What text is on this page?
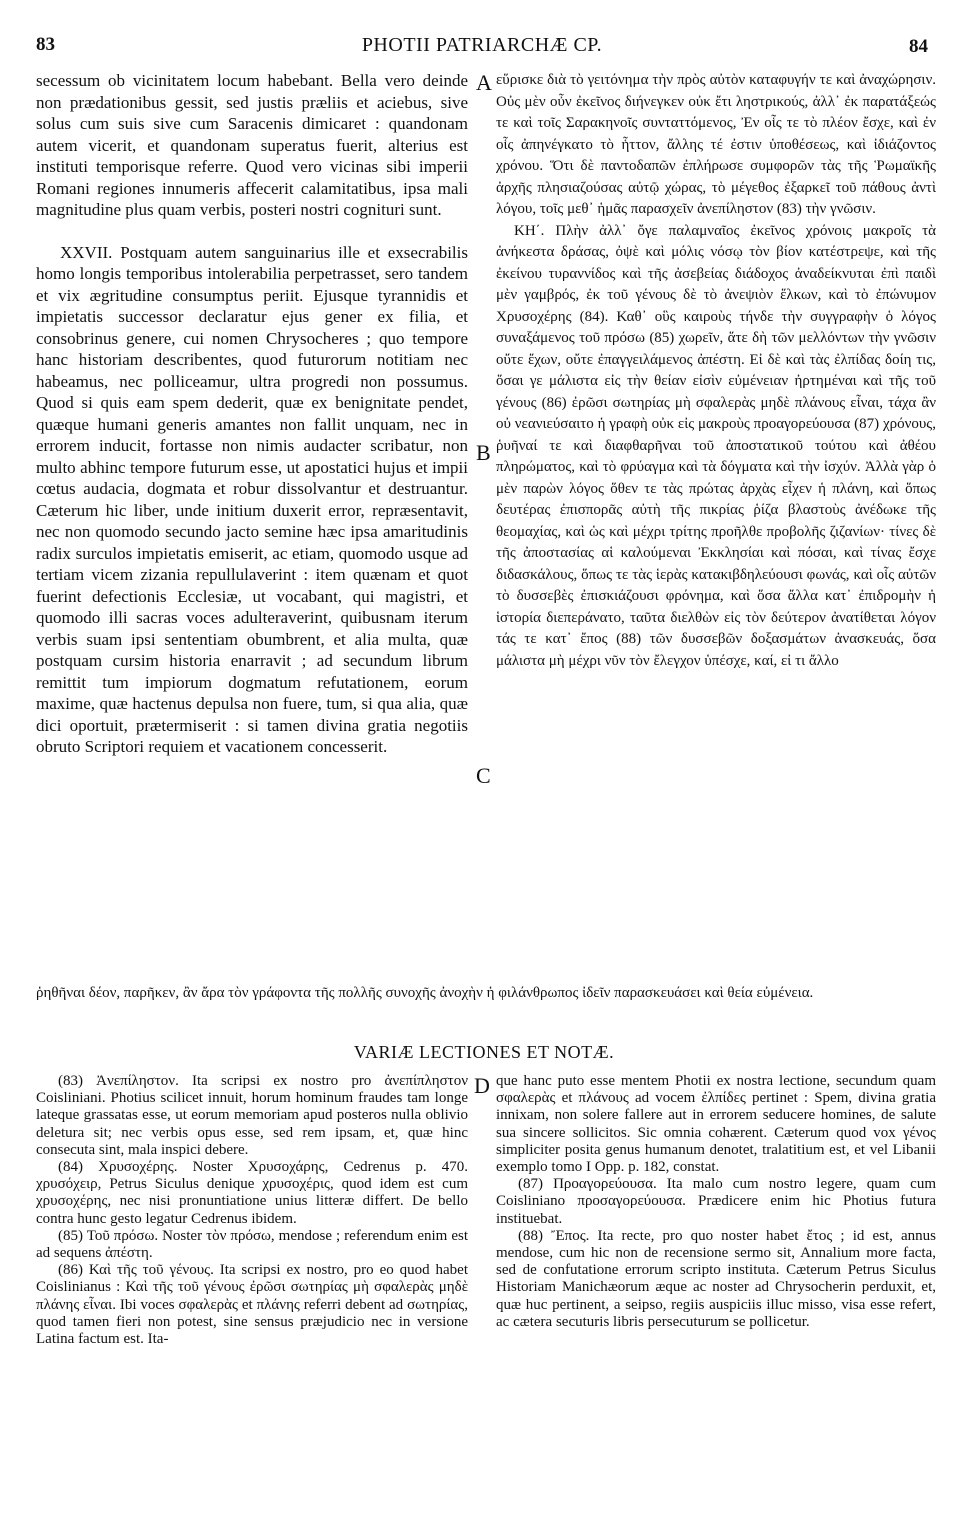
83	PHOTII PATRIARCHÆ CP.	84
A
B
C
D

secessum ob vicinitatem locum habebant. Bella vero deinde non prædationibus gessit, sed justis præliis et aciebus, sive solus cum suis sive cum Saracenis dimicaret : quandonam autem vicerit, et quandonam superatus fuerit, alterius est instituti temporisque referre. Quod vero vicinas sibi imperii Romani regiones innumeris affecerit calamitatibus, ipsa mali magnitudine plus quam verbis, posteri nostri cognituri sunt.

XXVII. Postquam autem sanguinarius ille et exsecrabilis homo longis temporibus intolerabilia perpetrasset, sero tandem et vix ægritudine consumptus periit. Ejusque tyrannidis et impietatis successor declaratur ejus gener ex filia, et consobrinus genere, cui nomen Chrysocheres ; quo tempore hanc historiam describentes, quod futurorum notitiam nec habeamus, nec polliceamur, ultra progredi non possumus. Quod si quis eam spem dederit, quæ ex benignitate pendet, quæque humani generis amantes non fallit unquam, nec in errorem inducit, fortasse non nimis audacter scribatur, non multo abhinc tempore futurum esse, ut apostatici hujus et impii cœtus audacia, dogmata et robur dissolvantur et destruantur. Cæterum hic liber, unde initium duxerit error, repræsentavit, nec non quomodo secundo jacto semine hæc ipsa amaritudinis radix surculos impietatis emiserit, ac etiam, quomodo usque ad tertiam vicem zizania repullulaverint : item quænam et quot fuerint defectionis Ecclesiæ, ut vocabant, qui magistri, et quomodo illi sacras voces adulteraverint, quibusnam iterum verbis suam ipsi sententiam obumbrent, et alia multa, quæ postquam cursim historia enarravit ; ad secundum librum remittit tum impiorum dogmatum refutationem, eorum maxime, quæ hactenus depulsa non fuere, tum, si qua alia, quæ dici oportuit, prætermiserit : si tamen divina gratia negotiis obruto Scriptori requiem et vacationem concesserit.

εὕρισκε διὰ τὸ γειτόνημα τὴν πρὸς αὐτὸν καταφυγήν τε καὶ ἀναχώρησιν. Οὐς μὲν οὖν ἐκεῖνος διήνεγκεν οὐκ ἔτι ληστρικούς, ἀλλ᾽ ἐκ παρατάξεώς τε καὶ τοῖς Σαρακηνοῖς συνταττόμενος, Ἐν οἷς τε τὸ πλέον ἔσχε, καὶ ἐν οἷς ἀπηνέγκατο τὸ ἧττον, ἄλλης τέ ἐστιν ὑποθέσεως, καὶ ἰδιάζοντος χρόνου. Ὅτι δὲ παντοδαπῶν ἐπλήρωσε συμφορῶν τὰς τῆς Ῥωμαϊκῆς ἀρχῆς πλησιαζούσας αὐτῷ χώρας, τὸ μέγεθος ἐξαρκεῖ τοῦ πάθους ἀντὶ λόγου, τοῖς μεθ᾽ ἡμᾶς παρασχεῖν ἀνεπίληστον (83) τὴν γνῶσιν.

ΚΗ΄. Πλὴν ἀλλ᾽ ὄγε παλαμναῖος ἐκεῖνος χρόνοις μακροῖς τὰ ἀνήκεστα δράσας, ὀψὲ καὶ μόλις νόσῳ τὸν βίον κατέστρεψε, καὶ τῆς ἐκείνου τυραννίδος καὶ τῆς ἀσεβείας διάδοχος ἀναδείκνυται ἐπὶ παιδὶ μὲν γαμβρός, ἐκ τοῦ γένους δὲ τὸ ἀνεψιὸν ἕλκων, καὶ τὸ ἐπώνυμον Χρυσοχέρης (84). Καθ᾽ οὓς καιροὺς τήνδε τὴν συγγραφὴν ὁ λόγος συναξάμενος τοῦ πρόσω (85) χωρεῖν, ἅτε δὴ τῶν μελλόντων τὴν γνῶσιν οὔτε ἔχων, οὔτε ἐπαγγειλάμενος ἀπέστη. Εἰ δὲ καὶ τὰς ἐλπίδας δοίη τις, ὅσαι γε μάλιστα εἰς τὴν θείαν εἰσὶν εὐμένειαν ἠρτημέναι καὶ τῆς τοῦ γένους (86) ἐρῶσι σωτηρίας μὴ σφαλερὰς μηδὲ πλάνους εἶναι, τάχα ἂν οὐ νεανιεύσαιτο ἡ γραφὴ οὐκ εἰς μακροὺς προαγορεύουσα (87) χρόνους, ῥυῆναί τε καὶ διαφθαρῆναι τοῦ ἀποστατικοῦ τούτου καὶ ἀθέου πληρώματος, καὶ τὸ φρύαγμα καὶ τὰ δόγματα καὶ τὴν ἰσχύν. Ἀλλὰ γὰρ ὁ μὲν παρὼν λόγος ὅθεν τε τὰς πρώτας ἀρχὰς εἶχεν ἡ πλάνη, καὶ ὅπως δευτέρας ἐπισπορᾶς αὐτὴ τῆς πικρίας ῥίζα βλαστοὺς ἀνέδωκε τῆς θεομαχίας, καὶ ὡς καὶ μέχρι τρίτης προῆλθε προβολῆς ζιζανίων· τίνες δὲ τῆς ἀποστασίας αἱ καλούμεναι Ἐκκλησίαι καὶ πόσαι, καὶ τίνας ἔσχε διδασκάλους, ὅπως τε τὰς ἱερὰς κατακιβδηλεύουσι φωνάς, καὶ οἷς αὐτῶν τὸ δυσσεβὲς ἐπισκιάζουσι φρόνημα, καὶ ὅσα ἄλλα κατ᾽ ἐπιδρομὴν ἡ ἱστορία διεπεράνατο, ταῦτα διελθὼν εἰς τὸν δεύτερον ἀνατίθεται λόγον τάς τε κατ᾽ ἔπος (88) τῶν δυσσεβῶν δοξασμάτων ἀνασκευάς, ὅσα μάλιστα μὴ μέχρι νῦν τὸν ἔλεγχον ὑπέσχε, καί, εἰ τι ἄλλο

ῥηθῆναι δέον, παρῆκεν, ἂν ἄρα τὸν γράφοντα τῆς πολλῆς συνοχῆς ἀνοχὴν ἡ φιλάνθρωπος ἰδεῖν παρασκευάσει καὶ θεία εὐμένεια.

VARIÆ LECTIONES ET NOTÆ.

(83) Ἀνεπίληστον. Ita scripsi ex nostro pro ἀνεπίπληστον Coisliniani. Photius scilicet innuit, horum hominum fraudes tam longe lateque grassatas esse, ut eorum memoriam apud posteros nulla oblivio deletura sit; nec verbis opus esse, sed rem ipsam, et, quæ hinc consecuta sint, mala inspici debere.

(84) Χρυσοχέρης. Noster Χρυσοχάρης, Cedrenus p. 470. χρυσόχειρ, Petrus Siculus denique χρυσοχέρις, quod idem est cum χρυσοχέρης, nec nisi pronuntiatione unius litteræ differt. De bello contra hunc gesto legatur Cedrenus ibidem.

(85) Τοῦ πρόσω. Noster τὸν πρόσω, mendose ; referendum enim est ad sequens ἀπέστη.

(86) Καὶ τῆς τοῦ γένους. Ita scripsi ex nostro, pro eo quod habet Coislinianus : Καὶ τῆς τοῦ γένους ἐρῶσι σωτηρίας μὴ σφαλερὰς μηδὲ πλάνης εἶναι. Ibi voces σφαλερὰς et πλάνης referri debent ad σωτηρίας, quod tamen fieri non potest, sine sensus præjudicio nec in versione Latina factum est. Ita-

que hanc puto esse mentem Photii ex nostra lectione, secundum quam σφαλερὰς et πλάνους ad vocem ἐλπίδες pertinet : Spem, divina gratia innixam, non solere fallere aut in errorem seducere homines, de salute sua sincere sollicitos. Sic omnia cohærent. Cæterum quod vox γένος simpliciter posita genus humanum denotet, tralatitium est, et vel Libanii exemplo tomo I Opp. p. 182, constat.

(87) Προαγορεύουσα. Ita malo cum nostro legere, quam cum Coisliniano προσαγορεύουσα. Prædicere enim hic Photius futura instituebat.

(88) Ἔπος. Ita recte, pro quo noster habet ἔτος ; id est, annus mendose, cum hic non de recensione sermo sit, Annalium more facta, sed de confutatione errorum scripto instituta. Cæterum Petrus Siculus Historiam Manichæorum æque ac noster ad Chrysocherin perduxit, et, quæ huc pertinent, a seipso, regiis auspiciis illuc misso, visa esse refert, ac cætera secuturis libris persecuturum se pollicetur.
